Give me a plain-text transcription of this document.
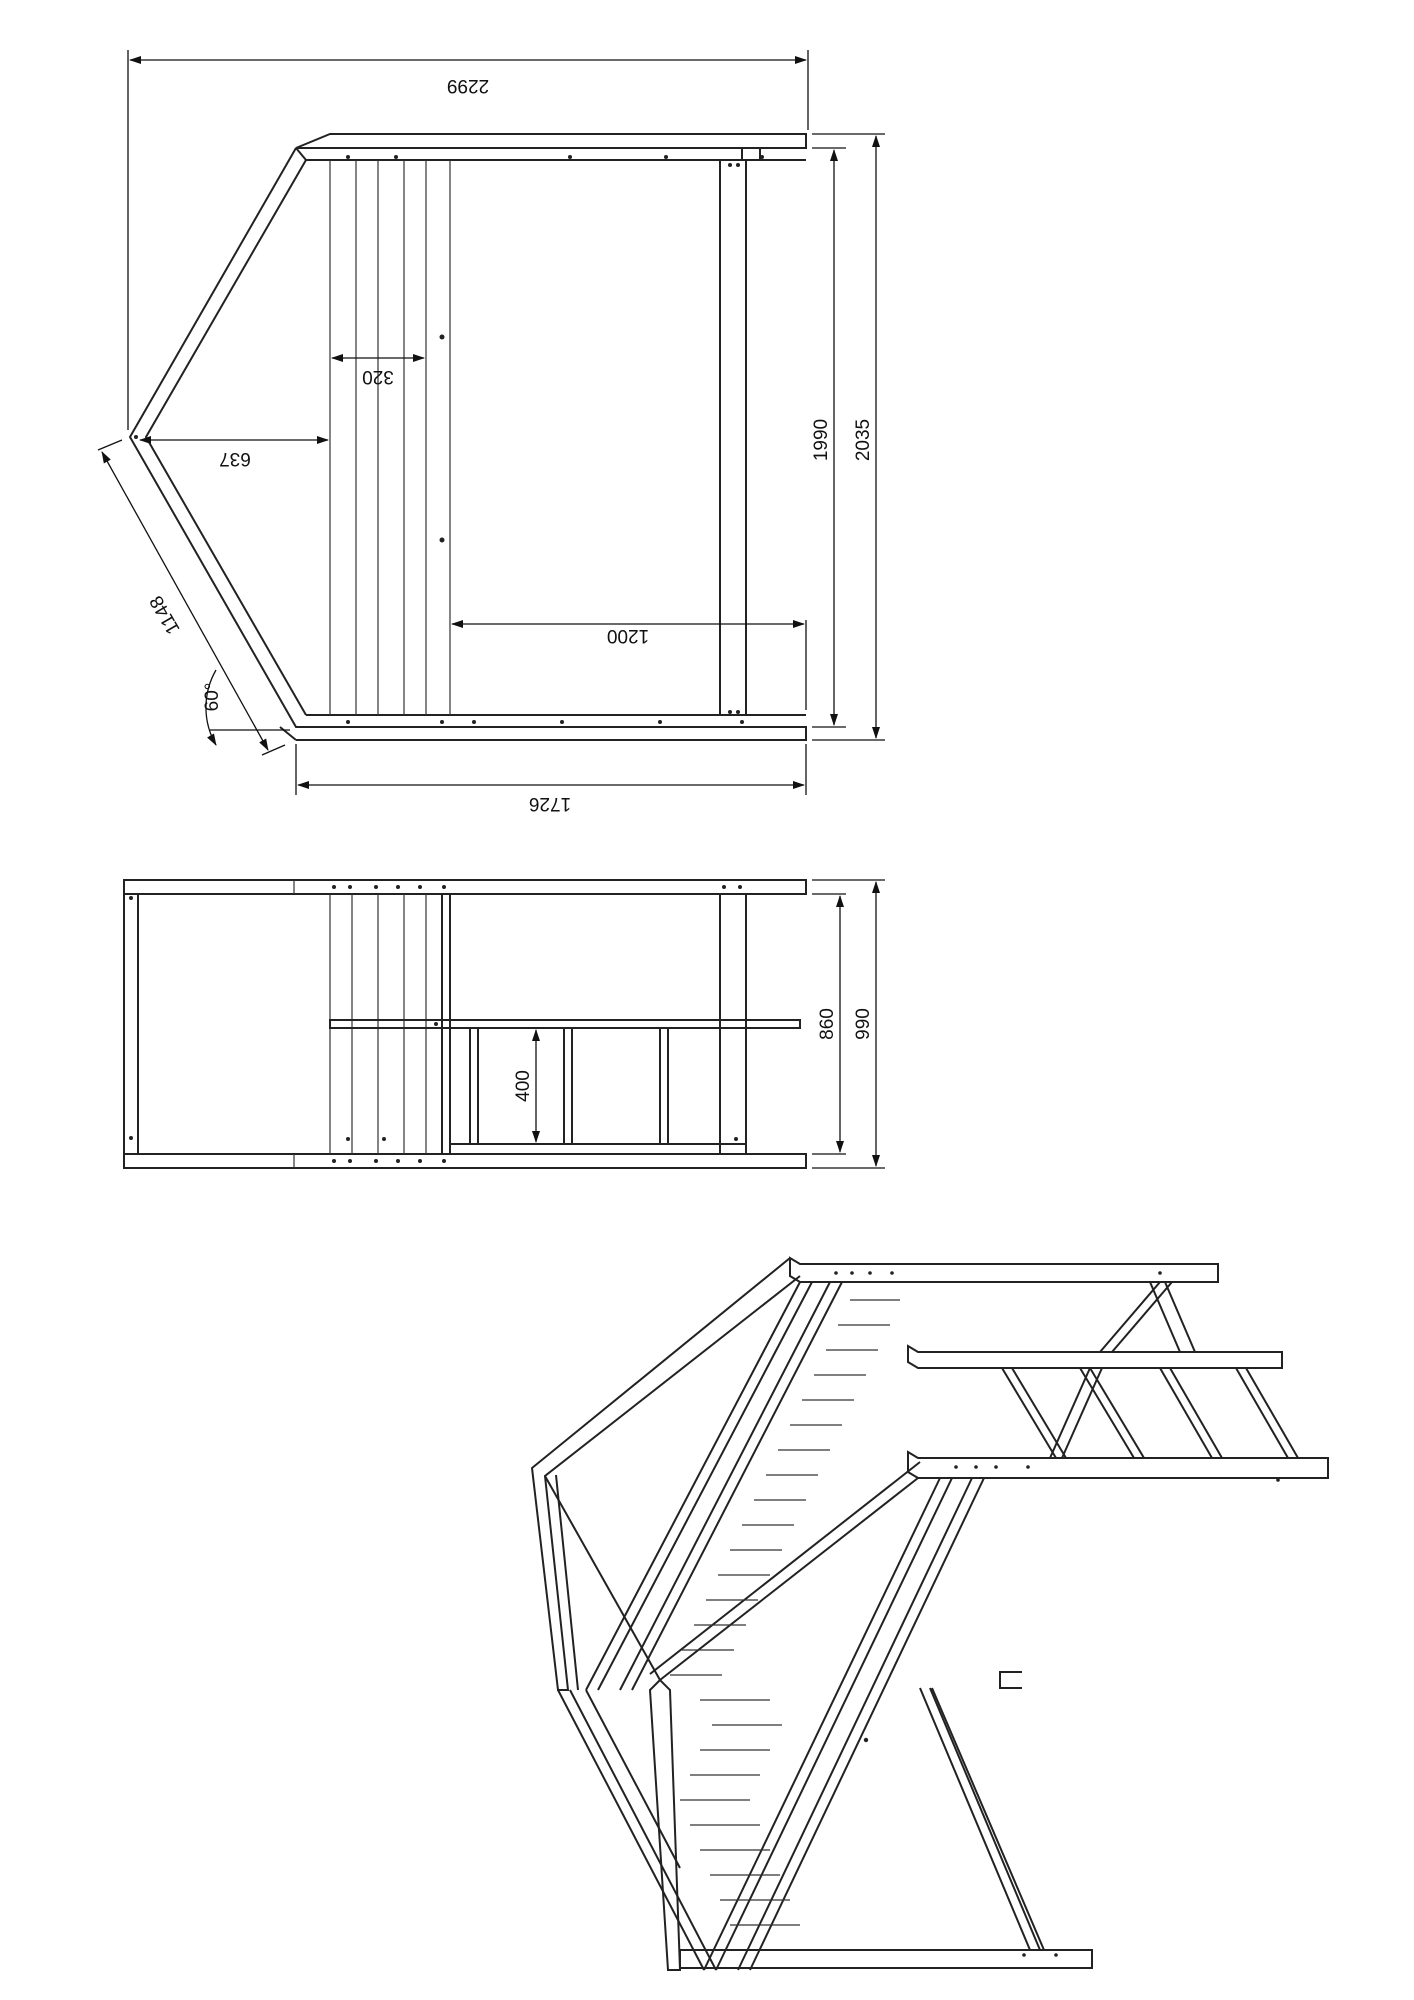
2299
2035
1990
1726
1200
320
637
1148
60°
990
860
400
